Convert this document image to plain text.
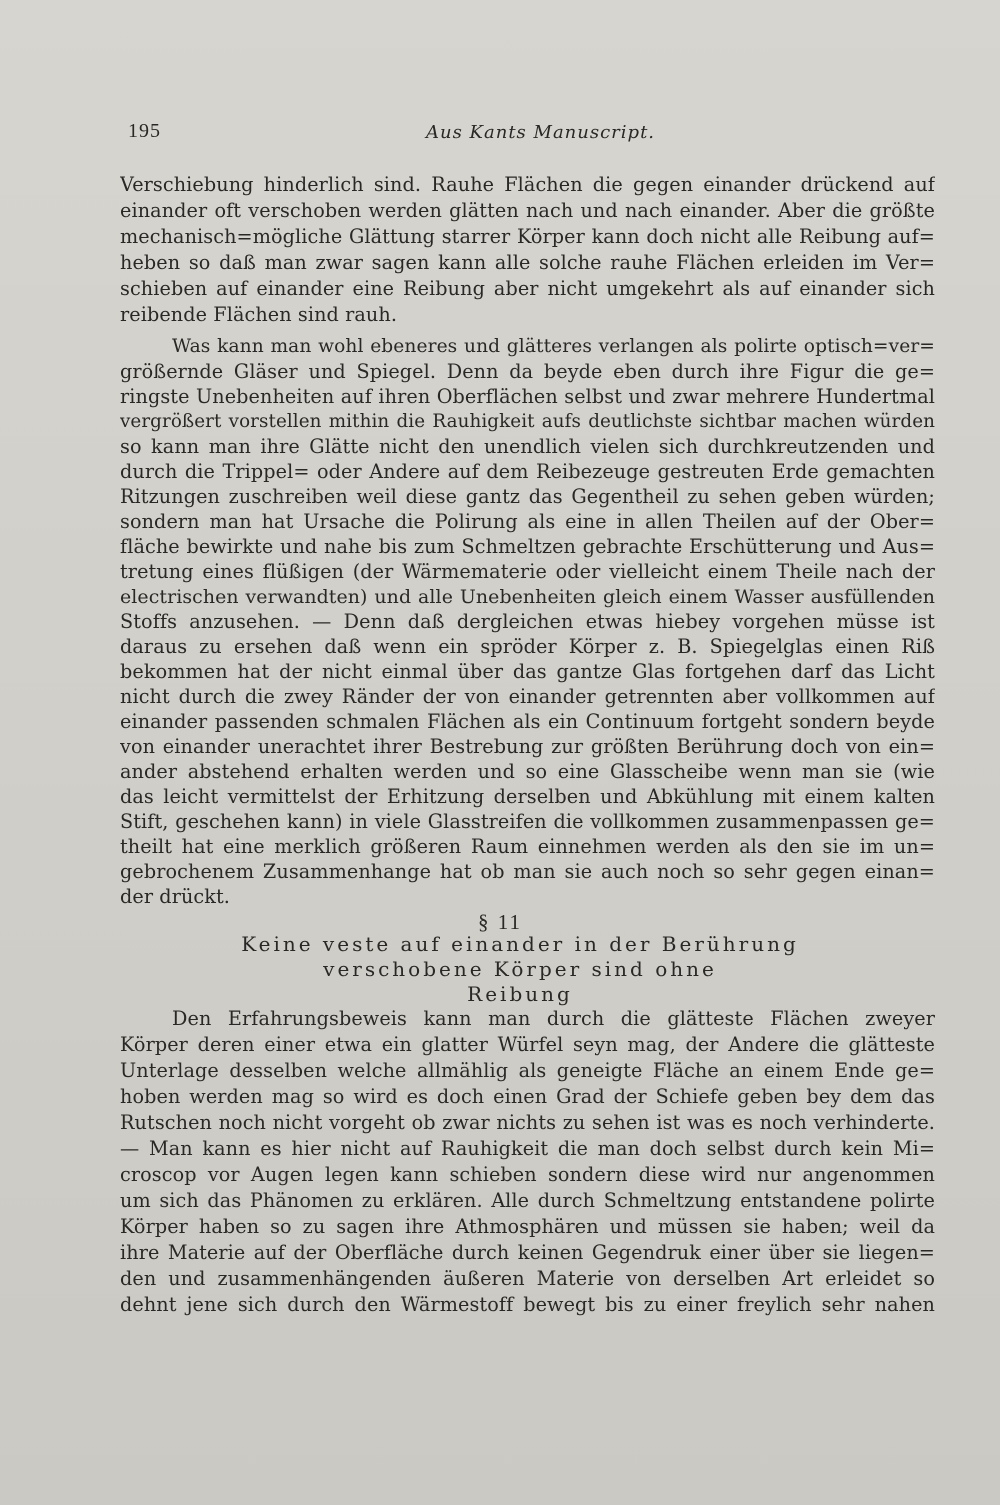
195	Aus Kants Manuscript.
Verschiebung hinderlich sind. Rauhe Flächen die gegen einander drückend auf
einander oft verschoben werden glätten nach und nach einander. Aber die größte
mechanisch=mögliche Glättung starrer Körper kann doch nicht alle Reibung auf=
heben so daß man zwar sagen kann alle solche rauhe Flächen erleiden im Ver=
schieben auf einander eine Reibung aber nicht umgekehrt als auf einander sich
reibende Flächen sind rauh.
Was kann man wohl ebeneres und glätteres verlangen als polirte optisch=ver=
größernde Gläser und Spiegel. Denn da beyde eben durch ihre Figur die ge=
ringste Unebenheiten auf ihren Oberflächen selbst und zwar mehrere Hundertmal
vergrößert vorstellen mithin die Rauhigkeit aufs deutlichste sichtbar machen würden
so kann man ihre Glätte nicht den unendlich vielen sich durchkreutzenden und
durch die Trippel= oder Andere auf dem Reibezeuge gestreuten Erde gemachten
Ritzungen zuschreiben weil diese gantz das Gegentheil zu sehen geben würden;
sondern man hat Ursache die Polirung als eine in allen Theilen auf der Ober=
fläche bewirkte und nahe bis zum Schmeltzen gebrachte Erschütterung und Aus=
tretung eines flüßigen (der Wärmematerie oder vielleicht einem Theile nach der
electrischen verwandten) und alle Unebenheiten gleich einem Wasser ausfüllenden
Stoffs anzusehen. — Denn daß dergleichen etwas hiebey vorgehen müsse ist
daraus zu ersehen daß wenn ein spröder Körper z. B. Spiegelglas einen Riß
bekommen hat der nicht einmal über das gantze Glas fortgehen darf das Licht
nicht durch die zwey Ränder der von einander getrennten aber vollkommen auf
einander passenden schmalen Flächen als ein Continuum fortgeht sondern beyde
von einander unerachtet ihrer Bestrebung zur größten Berührung doch von ein=
ander abstehend erhalten werden und so eine Glasscheibe wenn man sie (wie
das leicht vermittelst der Erhitzung derselben und Abkühlung mit einem kalten
Stift, geschehen kann) in viele Glasstreifen die vollkommen zusammenpassen ge=
theilt hat eine merklich größeren Raum einnehmen werden als den sie im un=
gebrochenem Zusammenhange hat ob man sie auch noch so sehr gegen einan=
der drückt.
§ 11
Keine veste auf einander in der Berührung
verschobene Körper sind ohne
Reibung
Den Erfahrungsbeweis kann man durch die glätteste Flächen zweyer
Körper deren einer etwa ein glatter Würfel seyn mag, der Andere die glätteste
Unterlage desselben welche allmählig als geneigte Fläche an einem Ende ge=
hoben werden mag so wird es doch einen Grad der Schiefe geben bey dem das
Rutschen noch nicht vorgeht ob zwar nichts zu sehen ist was es noch verhinderte.
— Man kann es hier nicht auf Rauhigkeit die man doch selbst durch kein Mi=
croscop vor Augen legen kann schieben sondern diese wird nur angenommen
um sich das Phänomen zu erklären. Alle durch Schmeltzung entstandene polirte
Körper haben so zu sagen ihre Athmosphären und müssen sie haben; weil da
ihre Materie auf der Oberfläche durch keinen Gegendruk einer über sie liegen=
den und zusammenhängenden äußeren Materie von derselben Art erleidet so
dehnt jene sich durch den Wärmestoff bewegt bis zu einer freylich sehr nahen
